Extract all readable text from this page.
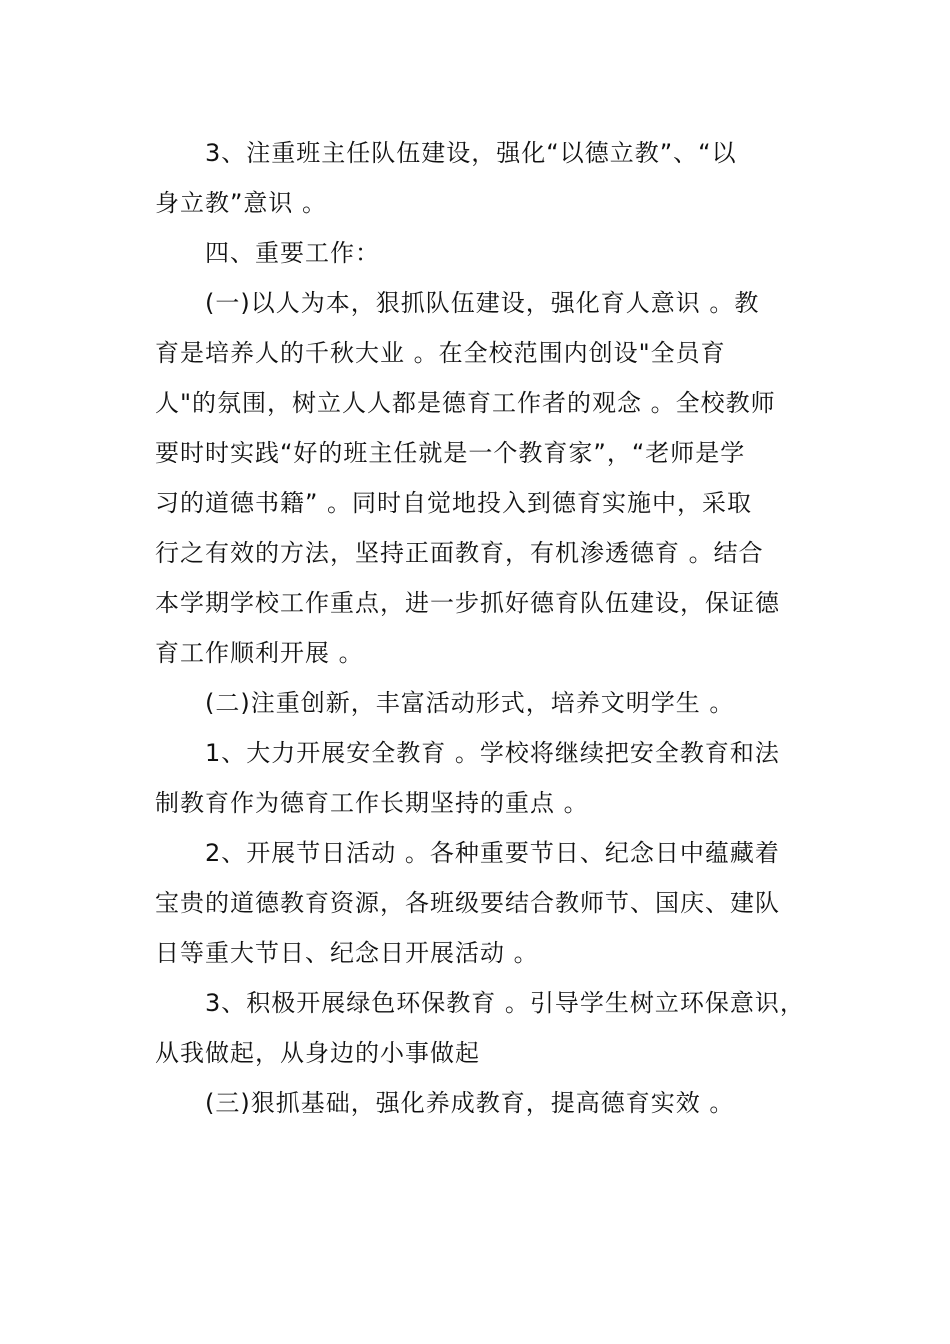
3、注重班主任队伍建设，强化“以德立教”、“以
身立教”意识 。
四、重要工作：
(一)以人为本，狠抓队伍建设，强化育人意识 。教
育是培养人的千秋大业 。在全校范围内创设"全员育
人"的氛围，树立人人都是德育工作者的观念 。全校教师
要时时实践“好的班主任就是一个教育家”，“老师是学
习的道德书籍” 。同时自觉地投入到德育实施中，采取
行之有效的方法，坚持正面教育，有机渗透德育 。结合
本学期学校工作重点，进一步抓好德育队伍建设，保证德
育工作顺利开展 。
(二)注重创新，丰富活动形式，培养文明学生 。
1、大力开展安全教育 。学校将继续把安全教育和法
制教育作为德育工作长期坚持的重点 。
2、开展节日活动 。各种重要节日、纪念日中蕴藏着
宝贵的道德教育资源，各班级要结合教师节、国庆、建队
日等重大节日、纪念日开展活动 。
3、积极开展绿色环保教育 。引导学生树立环保意识，
从我做起，从身边的小事做起
(三)狠抓基础，强化养成教育，提高德育实效 。
